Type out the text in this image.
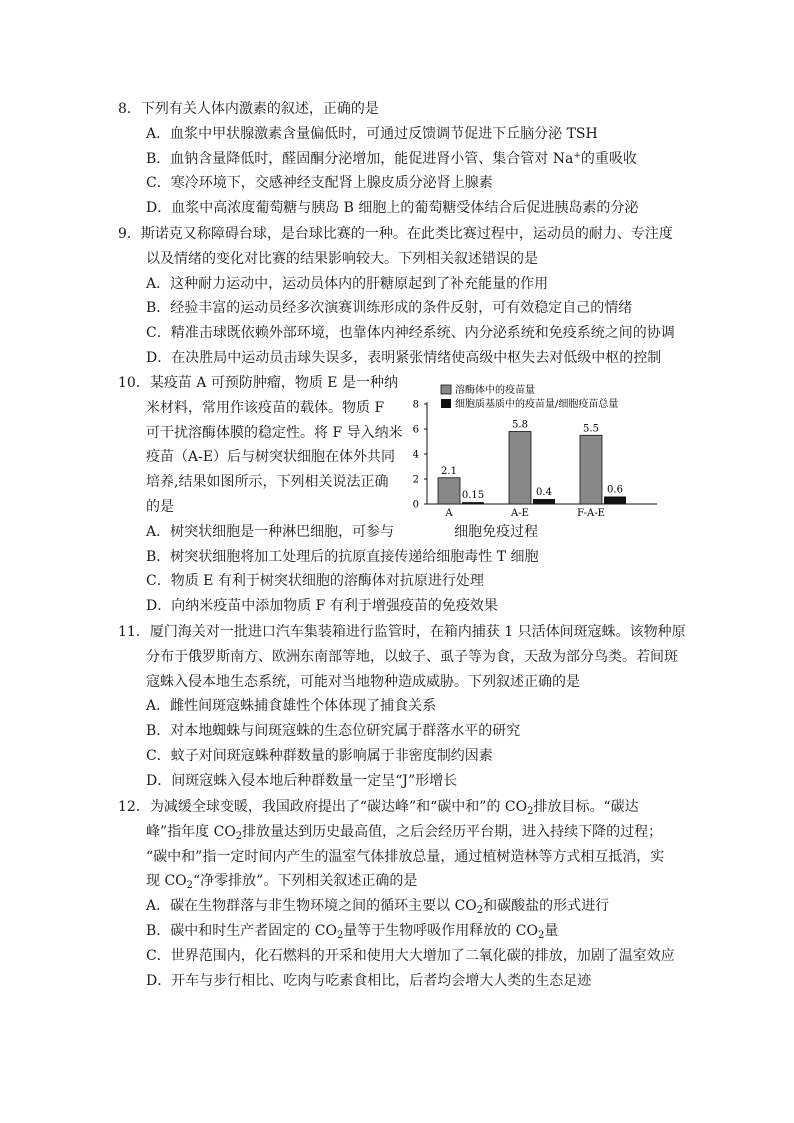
8．下列有关人体内激素的叙述，正确的是
A．血浆中甲状腺激素含量偏低时，可通过反馈调节促进下丘脑分泌 TSH
B．血钠含量降低时，醛固酮分泌增加，能促进肾小管、集合管对 Na+的重吸收
C．寒冷环境下，交感神经支配肾上腺皮质分泌肾上腺素
D．血浆中高浓度葡萄糖与胰岛 B 细胞上的葡萄糖受体结合后促进胰岛素的分泌
9．斯诺克又称障碍台球，是台球比赛的一种。在此类比赛过程中，运动员的耐力、专注度
以及情绪的变化对比赛的结果影响较大。下列相关叙述错误的是
A．这种耐力运动中，运动员体内的肝糖原起到了补充能量的作用
B．经验丰富的运动员经多次演赛训练形成的条件反射，可有效稳定自己的情绪
C．精准击球既依赖外部环境，也靠体内神经系统、内分泌系统和免疫系统之间的协调
D．在决胜局中运动员击球失误多，表明紧张情绪使高级中枢失去对低级中枢的控制
10．某疫苗 A 可预防肿瘤，物质 E 是一种纳
米材料，常用作该疫苗的载体。物质 F
可干扰溶酶体膜的稳定性。将 F 导入纳米
疫苗（A-E）后与树突状细胞在体外共同
培养,结果如图所示，下列相关说法正确
的是
A．树突状细胞是一种淋巴细胞，可参与	细胞免疫过程
B．树突状细胞将加工处理后的抗原直接传递给细胞毒性 T 细胞
C．物质 E 有利于树突状细胞的溶酶体对抗原进行处理
D．向纳米疫苗中添加物质 F 有利于增强疫苗的免疫效果
溶酶体中的疫苗量
细胞质基质中的疫苗量/细胞疫苗总量
0
2
4
6
8
2.1
0.15
A
5.8
0.4
A-E
5.5
0.6
F-A-E
11．厦门海关对一批进口汽车集装箱进行监管时，在箱内捕获 1 只活体间斑寇蛛。该物种原
分布于俄罗斯南方、欧洲东南部等地，以蚊子、虱子等为食，天敌为部分鸟类。若间斑
寇蛛入侵本地生态系统，可能对当地物种造成威胁。下列叙述正确的是
A．雌性间斑寇蛛捕食雄性个体体现了捕食关系
B．对本地蜘蛛与间斑寇蛛的生态位研究属于群落水平的研究
C．蚊子对间斑寇蛛种群数量的影响属于非密度制约因素
D．间斑寇蛛入侵本地后种群数量一定呈“J”形增长
12．为减缓全球变暖，我国政府提出了“碳达峰”和“碳中和”的 $CO_2$排放目标。“碳达
峰”指年度 $CO_2$排放量达到历史最高值，之后会经历平台期，进入持续下降的过程；
“碳中和”指一定时间内产生的温室气体排放总量，通过植树造林等方式相互抵消，实
现 $CO_2“$净零排放”。下列相关叙述正确的是
A．碳在生物群落与非生物环境之间的循环主要以 $CO_2$和碳酸盐的形式进行
B．碳中和时生产者固定的 $CO_2$量等于生物呼吸作用释放的 $CO_2$量
C．世界范围内，化石燃料的开采和使用大大增加了二氧化碳的排放，加剧了温室效应
D．开车与步行相比、吃肉与吃素食相比，后者均会增大人类的生态足迹
